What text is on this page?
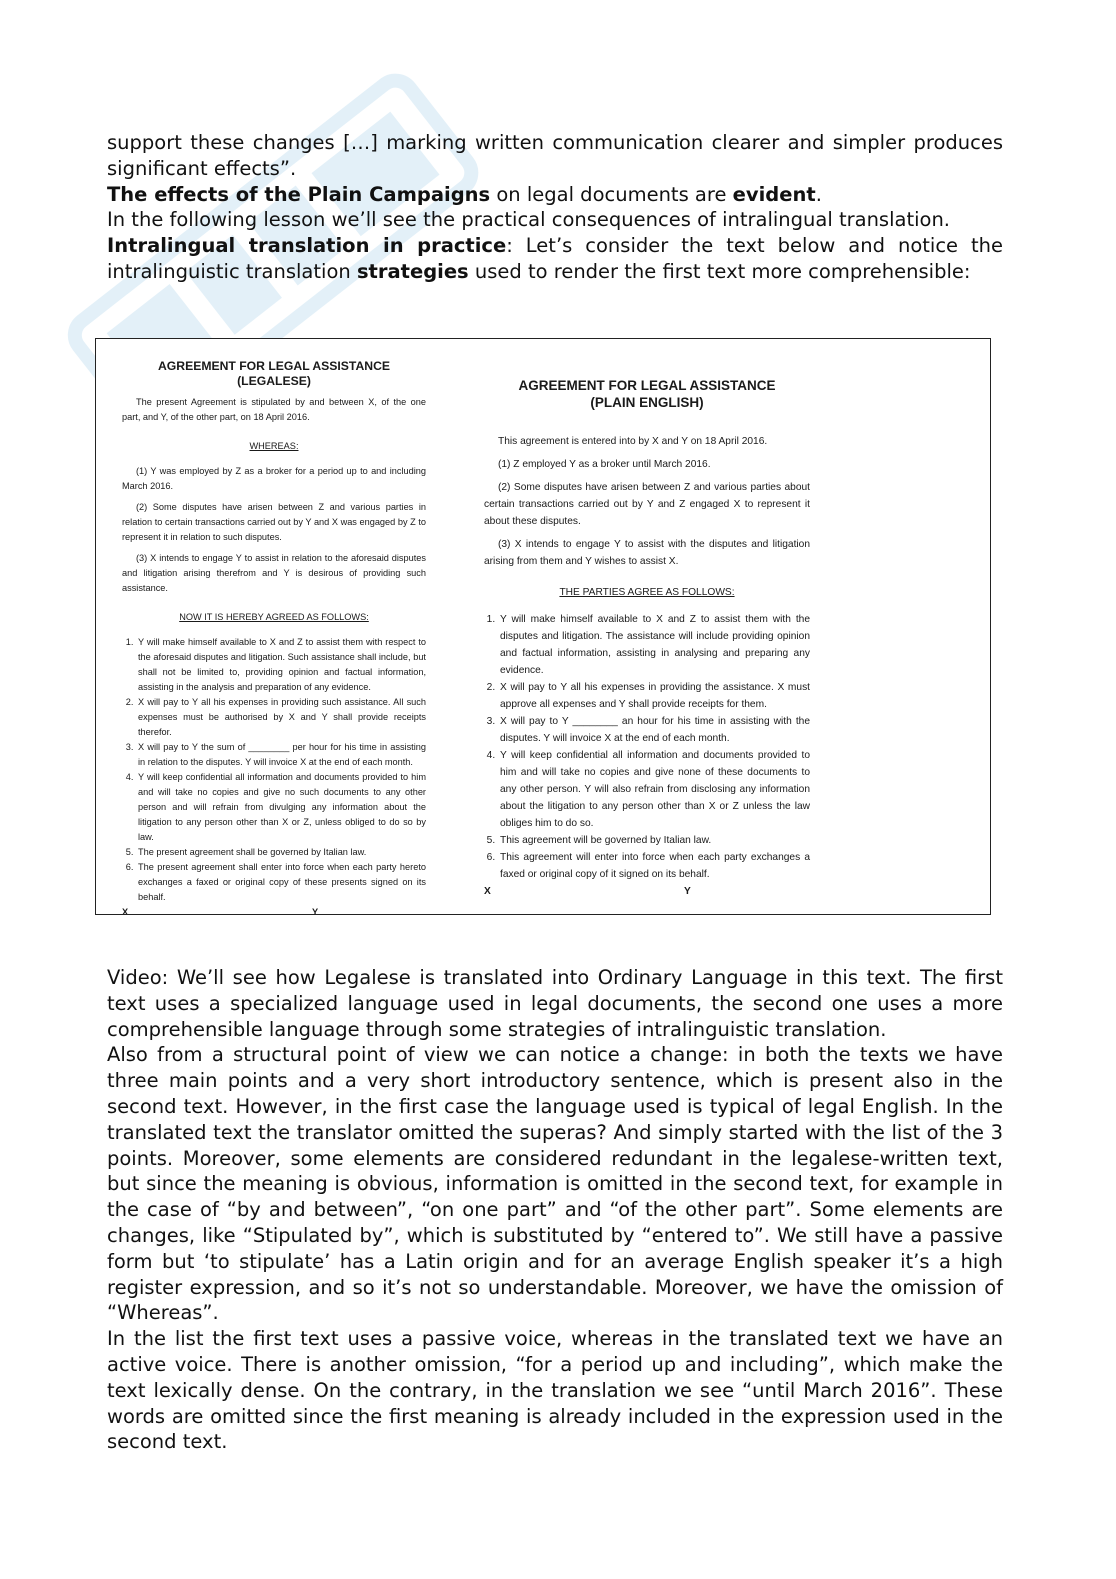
support these changes […] marking written communication clearer and simpler produces significant effects”.

The effects of the Plain Campaigns on legal documents are evident.

In the following lesson we’ll see the practical consequences of intralingual translation.

Intralingual translation in practice: Let’s consider the text below and notice the intralinguistic translation strategies used to render the first text more comprehensible:

AGREEMENT FOR LEGAL ASSISTANCE
(LEGALESE)

The present Agreement is stipulated by and between X, of the one part, and Y, of the other part, on 18 April 2016.

WHEREAS:

(1) Y was employed by Z as a broker for a period up to and including March 2016.

(2) Some disputes have arisen between Z and various parties in relation to certain transactions carried out by Y and X was engaged by Z to represent it in relation to such disputes.

(3) X intends to engage Y to assist in relation to the aforesaid disputes and litigation arising therefrom and Y is desirous of providing such assistance.

NOW IT IS HEREBY AGREED AS FOLLOWS:

1. Y will make himself available to X and Z to assist them with respect to the aforesaid disputes and litigation. Such assistance shall include, but shall not be limited to, providing opinion and factual information, assisting in the analysis and preparation of any evidence.
2. X will pay to Y all his expenses in providing such assistance. All such expenses must be authorised by X and Y shall provide receipts therefor.
3. X will pay to Y the sum of ________ per hour for his time in assisting in relation to the disputes. Y will invoice X at the end of each month.
4. Y will keep confidential all information and documents provided to him and will take no copies and give no such documents to any other person and will refrain from divulging any information about the litigation to any person other than X or Z, unless obliged to do so by law.
5. The present agreement shall be governed by Italian law.
6. The present agreement shall enter into force when each party hereto exchanges a faxed or original copy of these presents signed on its behalf.
X	Y
AGREEMENT FOR LEGAL ASSISTANCE
(PLAIN ENGLISH)

This agreement is entered into by X and Y on 18 April 2016.

(1) Z employed Y as a broker until March 2016.

(2) Some disputes have arisen between Z and various parties about certain transactions carried out by Y and Z engaged X to represent it about these disputes.

(3) X intends to engage Y to assist with the disputes and litigation arising from them and Y wishes to assist X.

THE PARTIES AGREE AS FOLLOWS:

1. Y will make himself available to X and Z to assist them with the disputes and litigation. The assistance will include providing opinion and factual information, assisting in analysing and preparing any evidence.
2. X will pay to Y all his expenses in providing the assistance. X must approve all expenses and Y shall provide receipts for them.
3. X will pay to Y ________ an hour for his time in assisting with the disputes. Y will invoice X at the end of each month.
4. Y will keep confidential all information and documents provided to him and will take no copies and give none of these documents to any other person. Y will also refrain from disclosing any information about the litigation to any person other than X or Z unless the law obliges him to do so.
5. This agreement will be governed by Italian law.
6. This agreement will enter into force when each party exchanges a faxed or original copy of it signed on its behalf.
X	Y

Video: We’ll see how Legalese is translated into Ordinary Language in this text. The first text uses a specialized language used in legal documents, the second one uses a more comprehensible language through some strategies of intralinguistic translation.

Also from a structural point of view we can notice a change: in both the texts we have three main points and a very short introductory sentence, which is present also in the second text. However, in the first case the language used is typical of legal English. In the translated text the translator omitted the superas? And simply started with the list of the 3 points. Moreover, some elements are considered redundant in the legalese-written text, but since the meaning is obvious, information is omitted in the second text, for example in the case of “by and between”, “on one part” and “of the other part”. Some elements are changes, like “Stipulated by”, which is substituted by “entered to”. We still have a passive form but ‘to stipulate’ has a Latin origin and for an average English speaker it’s a high register expression, and so it’s not so understandable. Moreover, we have the omission of “Whereas”.

In the list the first text uses a passive voice, whereas in the translated text we have an active voice. There is another omission, “for a period up and including”, which make the text lexically dense. On the contrary, in the translation we see “until March 2016”. These words are omitted since the first meaning is already included in the expression used in the second text.
